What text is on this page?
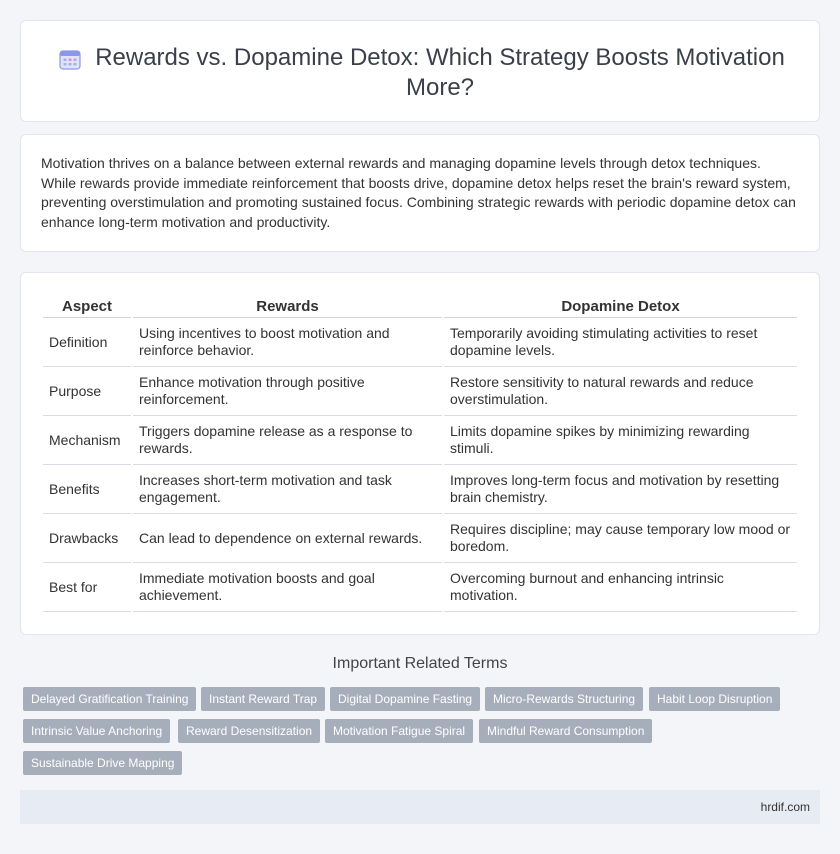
Rewards vs. Dopamine Detox: Which Strategy Boosts Motivation More?

Motivation thrives on a balance between external rewards and managing dopamine levels through detox techniques. While rewards provide immediate reinforcement that boosts drive, dopamine detox helps reset the brain's reward system, preventing overstimulation and promoting sustained focus. Combining strategic rewards with periodic dopamine detox can enhance long-term motivation and productivity.

Aspect	Rewards	Dopamine Detox
Definition	Using incentives to boost motivation and reinforce behavior.	Temporarily avoiding stimulating activities to reset dopamine levels.
Purpose	Enhance motivation through positive reinforcement.	Restore sensitivity to natural rewards and reduce overstimulation.
Mechanism	Triggers dopamine release as a response to rewards.	Limits dopamine spikes by minimizing rewarding stimuli.
Benefits	Increases short-term motivation and task engagement.	Improves long-term focus and motivation by resetting brain chemistry.
Drawbacks	Can lead to dependence on external rewards.	Requires discipline; may cause temporary low mood or boredom.
Best for	Immediate motivation boosts and goal achievement.	Overcoming burnout and enhancing intrinsic motivation.
Important Related Terms
Delayed Gratification Training	Instant Reward Trap	Digital Dopamine Fasting	Micro-Rewards Structuring	Habit Loop Disruption
Intrinsic Value Anchoring	Reward Desensitization	Motivation Fatigue Spiral	Mindful Reward Consumption
Sustainable Drive Mapping
hrdif.com
